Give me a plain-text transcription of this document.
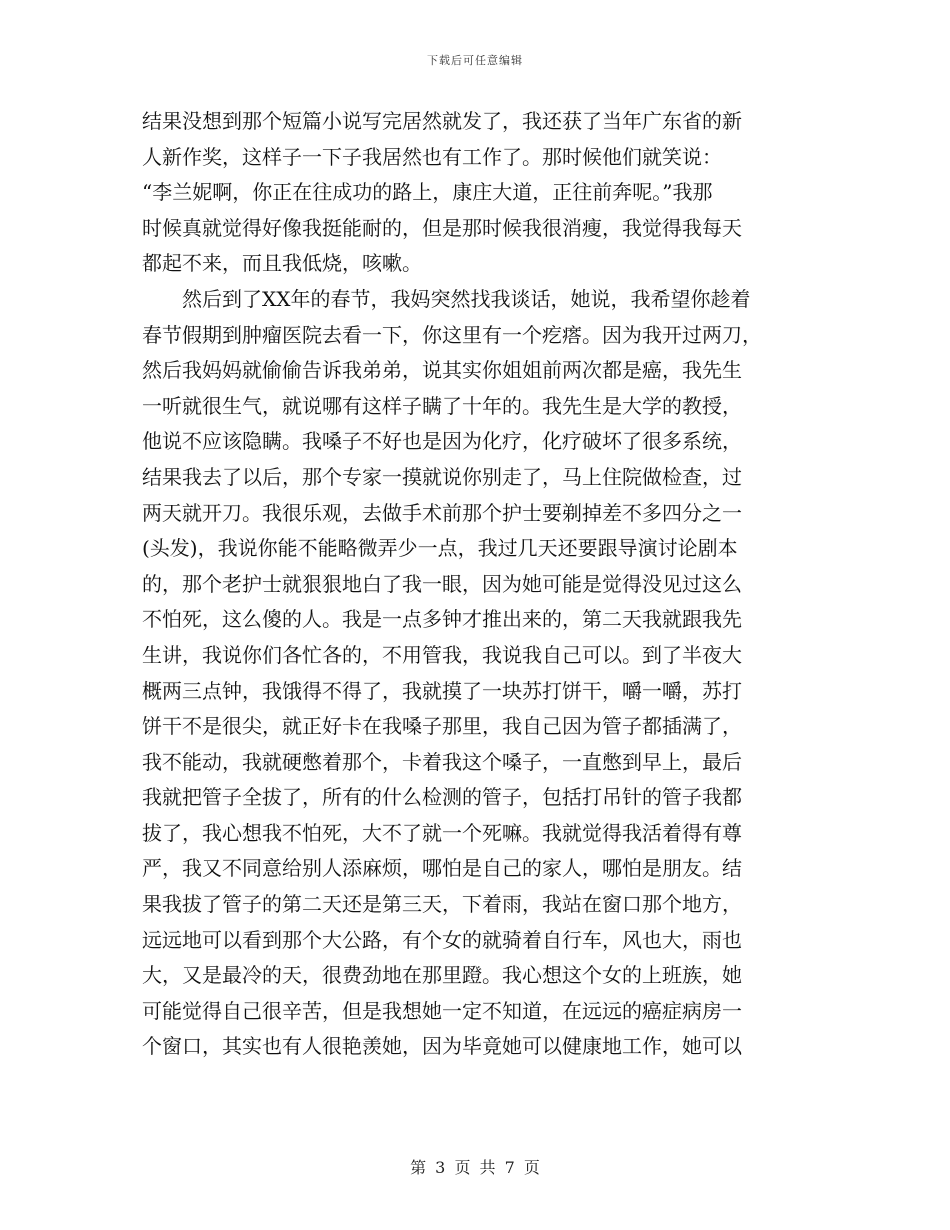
下载后可任意编辑
结果没想到那个短篇小说写完居然就发了，我还获了当年广东省的新
人新作奖，这样子一下子我居然也有工作了。那时候他们就笑说：
“李兰妮啊，你正在往成功的路上，康庄大道，正往前奔呢。”我那
时候真就觉得好像我挺能耐的，但是那时候我很消瘦，我觉得我每天
都起不来，而且我低烧，咳嗽。
　　然后到了XX年的春节，我妈突然找我谈话，她说，我希望你趁着
春节假期到肿瘤医院去看一下，你这里有一个疙瘩。因为我开过两刀，
然后我妈妈就偷偷告诉我弟弟，说其实你姐姐前两次都是癌，我先生
一听就很生气，就说哪有这样子瞒了十年的。我先生是大学的教授，
他说不应该隐瞒。我嗓子不好也是因为化疗，化疗破坏了很多系统，
结果我去了以后，那个专家一摸就说你别走了，马上住院做检查，过
两天就开刀。我很乐观，去做手术前那个护士要剃掉差不多四分之一
(头发)，我说你能不能略微弄少一点，我过几天还要跟导演讨论剧本
的，那个老护士就狠狠地白了我一眼，因为她可能是觉得没见过这么
不怕死，这么傻的人。我是一点多钟才推出来的，第二天我就跟我先
生讲，我说你们各忙各的，不用管我，我说我自己可以。到了半夜大
概两三点钟，我饿得不得了，我就摸了一块苏打饼干，嚼一嚼，苏打
饼干不是很尖，就正好卡在我嗓子那里，我自己因为管子都插满了，
我不能动，我就硬憋着那个，卡着我这个嗓子，一直憋到早上，最后
我就把管子全拔了，所有的什么检测的管子，包括打吊针的管子我都
拔了，我心想我不怕死，大不了就一个死嘛。我就觉得我活着得有尊
严，我又不同意给别人添麻烦，哪怕是自己的家人，哪怕是朋友。结
果我拔了管子的第二天还是第三天，下着雨，我站在窗口那个地方，
远远地可以看到那个大公路，有个女的就骑着自行车，风也大，雨也
大，又是最冷的天，很费劲地在那里蹬。我心想这个女的上班族，她
可能觉得自己很辛苦，但是我想她一定不知道，在远远的癌症病房一
个窗口，其实也有人很艳羡她，因为毕竟她可以健康地工作，她可以
第 3 页 共 7 页
